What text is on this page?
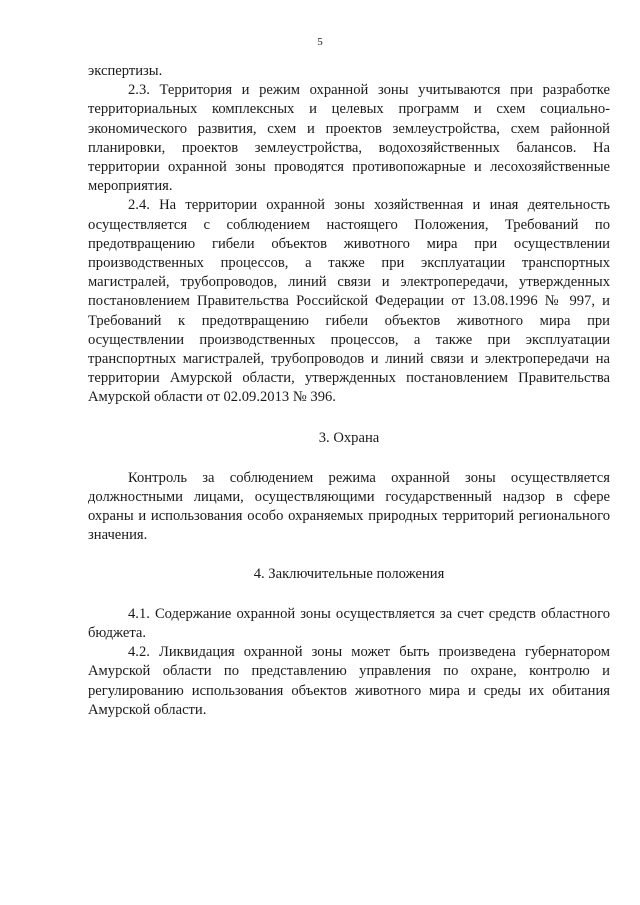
5

экспертизы.

2.3. Территория и режим охранной зоны учитываются при разработке территориальных комплексных и целевых программ и схем социально-экономического развития, схем и проектов землеустройства, схем районной планировки, проектов землеустройства, водохозяйственных балансов. На территории охранной зоны проводятся противопожарные и лесохозяйственные мероприятия.

2.4. На территории охранной зоны хозяйственная и иная деятельность осуществляется с соблюдением настоящего Положения, Требований по предотвращению гибели объектов животного мира при осуществлении производственных процессов, а также при эксплуатации транспортных магистралей, трубопроводов, линий связи и электропередачи, утвержденных постановлением Правительства Российской Федерации от 13.08.1996 № 997, и Требований к предотвращению гибели объектов животного мира при осуществлении производственных процессов, а также при эксплуатации транспортных магистралей, трубопроводов и линий связи и электропередачи на территории Амурской области, утвержденных постановлением Правительства Амурской области от 02.09.2013 № 396.

3. Охрана

Контроль за соблюдением режима охранной зоны осуществляется должностными лицами, осуществляющими государственный надзор в сфере охраны и использования особо охраняемых природных территорий регионального значения.

4. Заключительные положения

4.1. Содержание охранной зоны осуществляется за счет средств областного бюджета.

4.2. Ликвидация охранной зоны может быть произведена губернатором Амурской области по представлению управления по охране, контролю и регулированию использования объектов животного мира и среды их обитания Амурской области.
